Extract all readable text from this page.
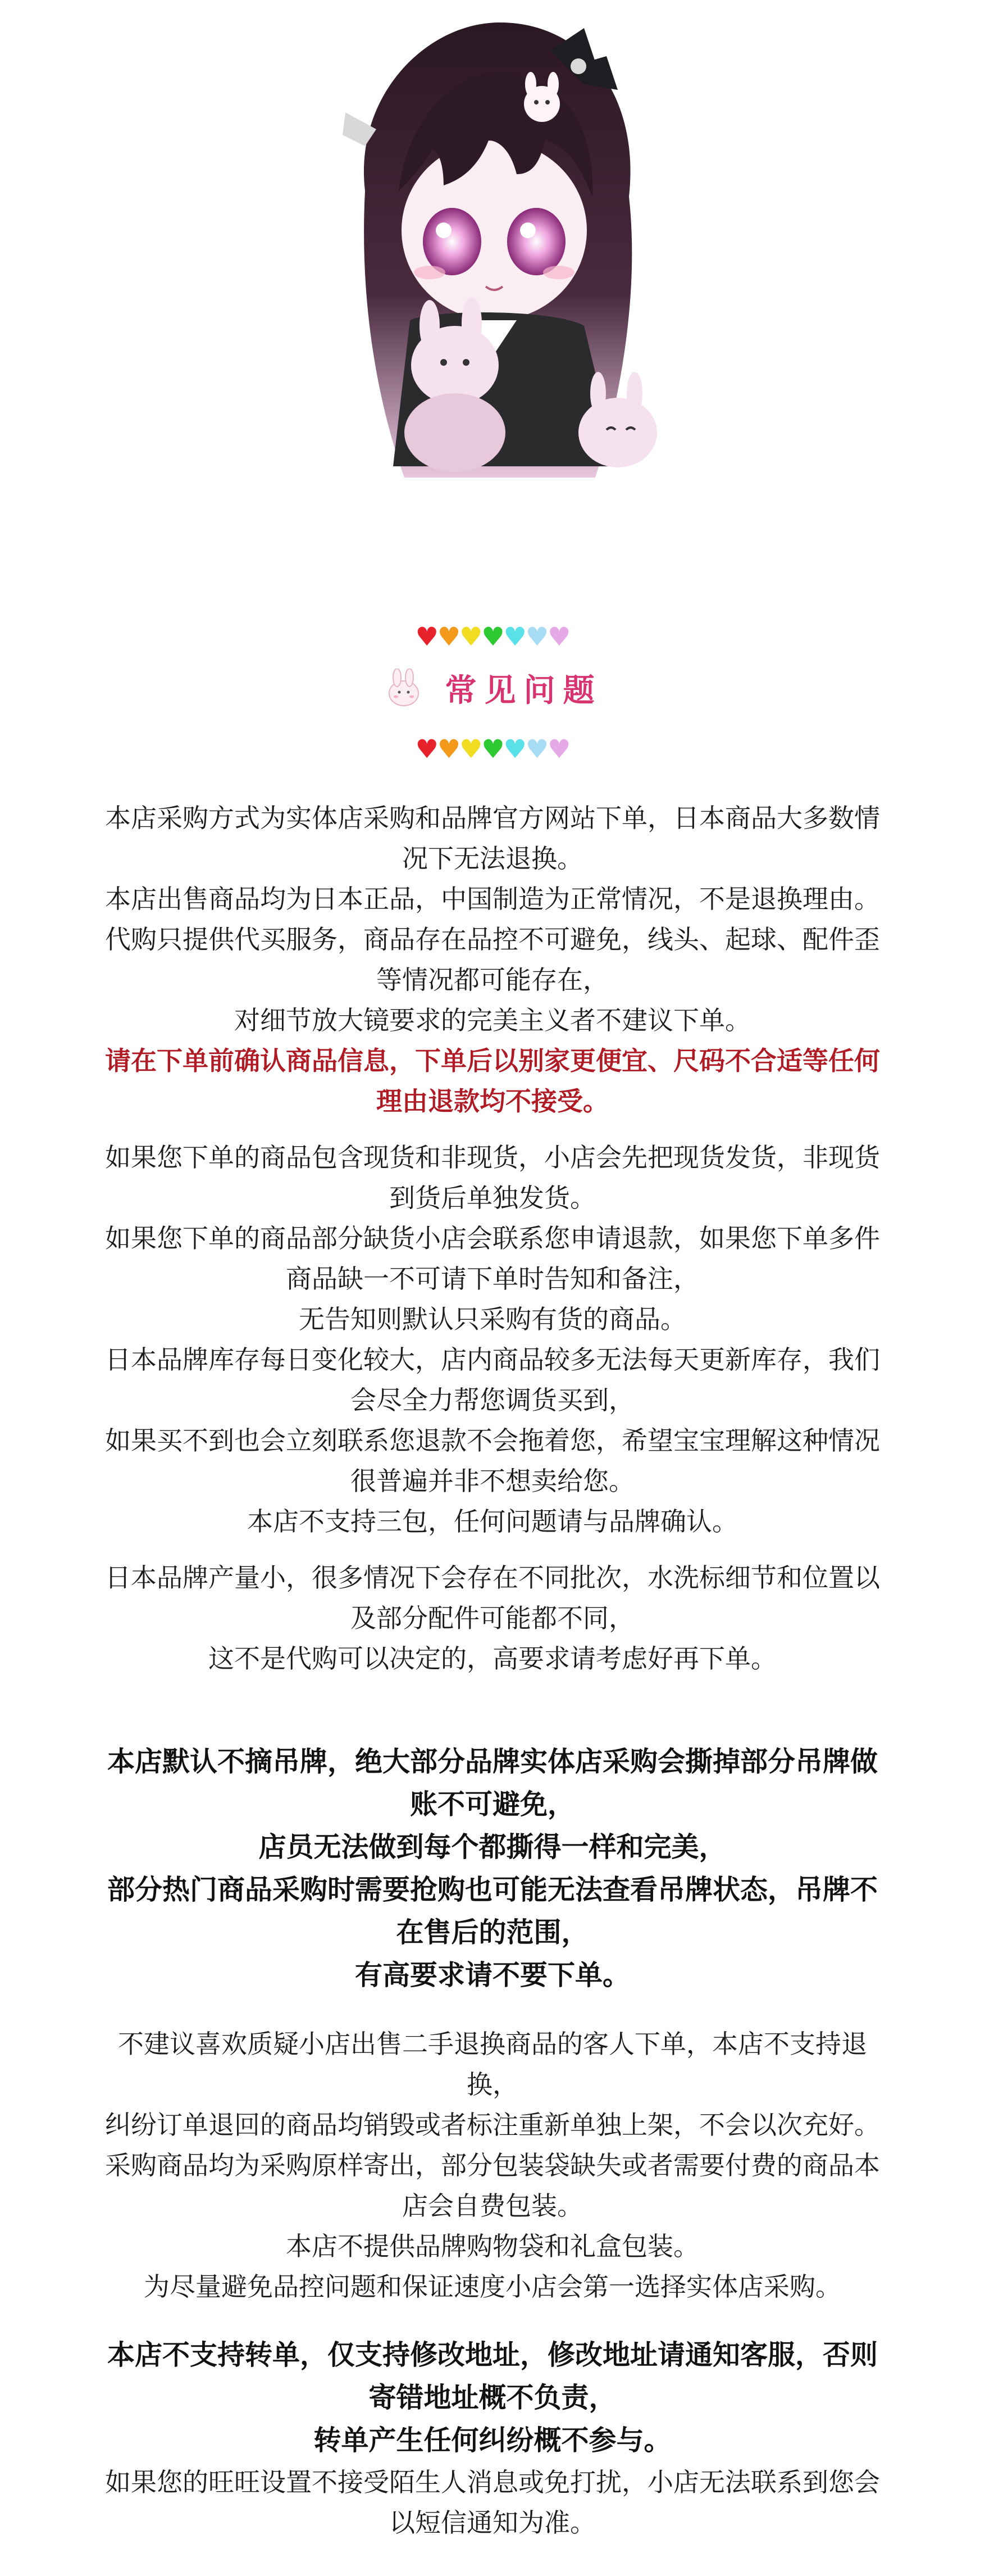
♥♥♥♥♥♥♥
常见问题
♥♥♥♥♥♥♥

本店采购方式为实体店采购和品牌官方网站下单，日本商品大多数情况下无法退换。

本店出售商品均为日本正品，中国制造为正常情况，不是退换理由。

代购只提供代买服务，商品存在品控不可避免，线头、起球、配件歪等情况都可能存在，

对细节放大镜要求的完美主义者不建议下单。

请在下单前确认商品信息，下单后以别家更便宜、尺码不合适等任何理由退款均不接受。

如果您下单的商品包含现货和非现货，小店会先把现货发货，非现货到货后单独发货。

如果您下单的商品部分缺货小店会联系您申请退款，如果您下单多件商品缺一不可请下单时告知和备注，

无告知则默认只采购有货的商品。

日本品牌库存每日变化较大，店内商品较多无法每天更新库存，我们会尽全力帮您调货买到，

如果买不到也会立刻联系您退款不会拖着您，希望宝宝理解这种情况很普遍并非不想卖给您。

本店不支持三包，任何问题请与品牌确认。

日本品牌产量小，很多情况下会存在不同批次，水洗标细节和位置以及部分配件可能都不同，

这不是代购可以决定的，高要求请考虑好再下单。

本店默认不摘吊牌，绝大部分品牌实体店采购会撕掉部分吊牌做账不可避免，

店员无法做到每个都撕得一样和完美，

部分热门商品采购时需要抢购也可能无法查看吊牌状态，吊牌不在售后的范围，

有高要求请不要下单。

不建议喜欢质疑小店出售二手退换商品的客人下单，本店不支持退换，

纠纷订单退回的商品均销毁或者标注重新单独上架，不会以次充好。

采购商品均为采购原样寄出，部分包装袋缺失或者需要付费的商品本店会自费包装。

本店不提供品牌购物袋和礼盒包装。

为尽量避免品控问题和保证速度小店会第一选择实体店采购。

本店不支持转单，仅支持修改地址，修改地址请通知客服，否则寄错地址概不负责，

转单产生任何纠纷概不参与。

如果您的旺旺设置不接受陌生人消息或免打扰，小店无法联系到您会以短信通知为准。
